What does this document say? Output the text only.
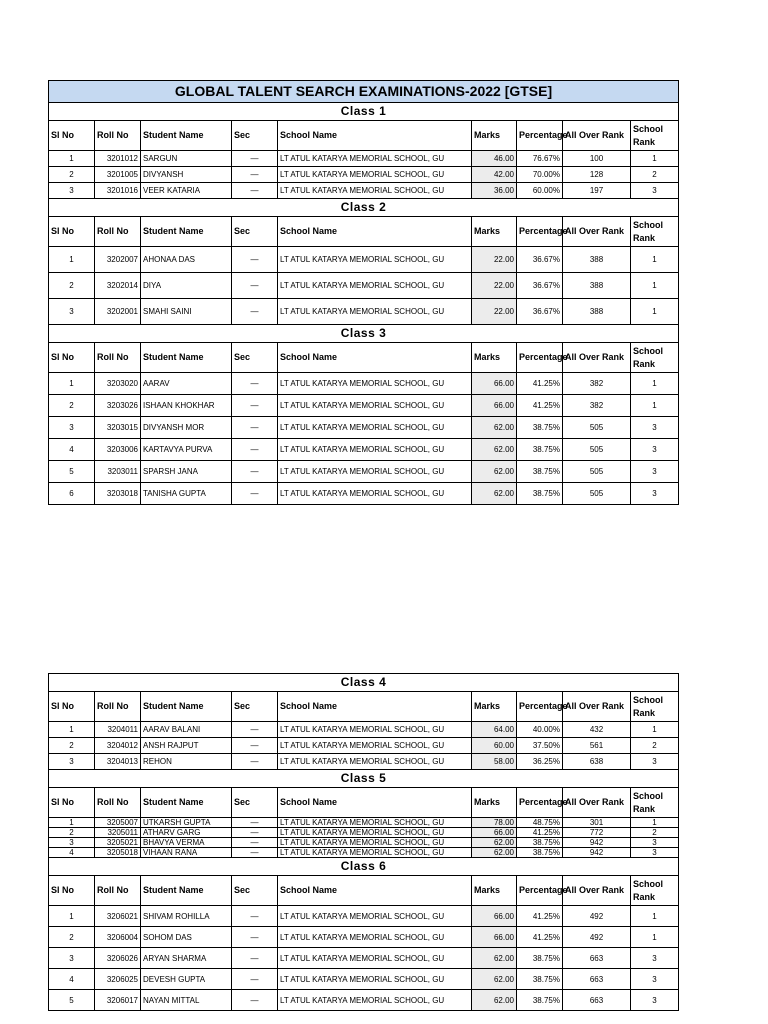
GLOBAL TALENT SEARCH EXAMINATIONS-2022 [GTSE]								
Class 1								
Sl No	Roll No	Student Name	Sec	School Name	Marks	Percentage	All Over Rank	School Rank
1	3201012	SARGUN	—	LT ATUL KATARYA MEMORIAL SCHOOL, GU	46.00	76.67%	100	1
2	3201005	DIVYANSH	—	LT ATUL KATARYA MEMORIAL SCHOOL, GU	42.00	70.00%	128	2
3	3201016	VEER KATARIA	—	LT ATUL KATARYA MEMORIAL SCHOOL, GU	36.00	60.00%	197	3
Class 2								
Sl No	Roll No	Student Name	Sec	School Name	Marks	Percentage	All Over Rank	School Rank
1	3202007	AHONAA DAS	—	LT ATUL KATARYA MEMORIAL SCHOOL, GU	22.00	36.67%	388	1
2	3202014	DIYA	—	LT ATUL KATARYA MEMORIAL SCHOOL, GU	22.00	36.67%	388	1
3	3202001	SMAHI SAINI	—	LT ATUL KATARYA MEMORIAL SCHOOL, GU	22.00	36.67%	388	1
Class 3								
Sl No	Roll No	Student Name	Sec	School Name	Marks	Percentage	All Over Rank	School Rank
1	3203020	AARAV	—	LT ATUL KATARYA MEMORIAL SCHOOL, GU	66.00	41.25%	382	1
2	3203026	ISHAAN KHOKHAR	—	LT ATUL KATARYA MEMORIAL SCHOOL, GU	66.00	41.25%	382	1
3	3203015	DIVYANSH MOR	—	LT ATUL KATARYA MEMORIAL SCHOOL, GU	62.00	38.75%	505	3
4	3203006	KARTAVYA PURVA	—	LT ATUL KATARYA MEMORIAL SCHOOL, GU	62.00	38.75%	505	3
5	3203011	SPARSH JANA	—	LT ATUL KATARYA MEMORIAL SCHOOL, GU	62.00	38.75%	505	3
6	3203018	TANISHA GUPTA	—	LT ATUL KATARYA MEMORIAL SCHOOL, GU	62.00	38.75%	505	3
Class 4								
Sl No	Roll No	Student Name	Sec	School Name	Marks	Percentage	All Over Rank	School Rank
1	3204011	AARAV BALANI	—	LT ATUL KATARYA MEMORIAL SCHOOL, GU	64.00	40.00%	432	1
2	3204012	ANSH RAJPUT	—	LT ATUL KATARYA MEMORIAL SCHOOL, GU	60.00	37.50%	561	2
3	3204013	REHON	—	LT ATUL KATARYA MEMORIAL SCHOOL, GU	58.00	36.25%	638	3
Class 5								
Sl No	Roll No	Student Name	Sec	School Name	Marks	Percentage	All Over Rank	School Rank
1	3205007	UTKARSH GUPTA	—	LT ATUL KATARYA MEMORIAL SCHOOL, GU	78.00	48.75%	301	1
2	3205011	ATHARV GARG	—	LT ATUL KATARYA MEMORIAL SCHOOL, GU	66.00	41.25%	772	2
3	3205021	BHAVYA VERMA	—	LT ATUL KATARYA MEMORIAL SCHOOL, GU	62.00	38.75%	942	3
4	3205018	VIHAAN RANA	—	LT ATUL KATARYA MEMORIAL SCHOOL, GU	62.00	38.75%	942	3
Class 6								
Sl No	Roll No	Student Name	Sec	School Name	Marks	Percentage	All Over Rank	School Rank
1	3206021	SHIVAM ROHILLA	—	LT ATUL KATARYA MEMORIAL SCHOOL, GU	66.00	41.25%	492	1
2	3206004	SOHOM DAS	—	LT ATUL KATARYA MEMORIAL SCHOOL, GU	66.00	41.25%	492	1
3	3206026	ARYAN SHARMA	—	LT ATUL KATARYA MEMORIAL SCHOOL, GU	62.00	38.75%	663	3
4	3206025	DEVESH GUPTA	—	LT ATUL KATARYA MEMORIAL SCHOOL, GU	62.00	38.75%	663	3
5	3206017	NAYAN MITTAL	—	LT ATUL KATARYA MEMORIAL SCHOOL, GU	62.00	38.75%	663	3
